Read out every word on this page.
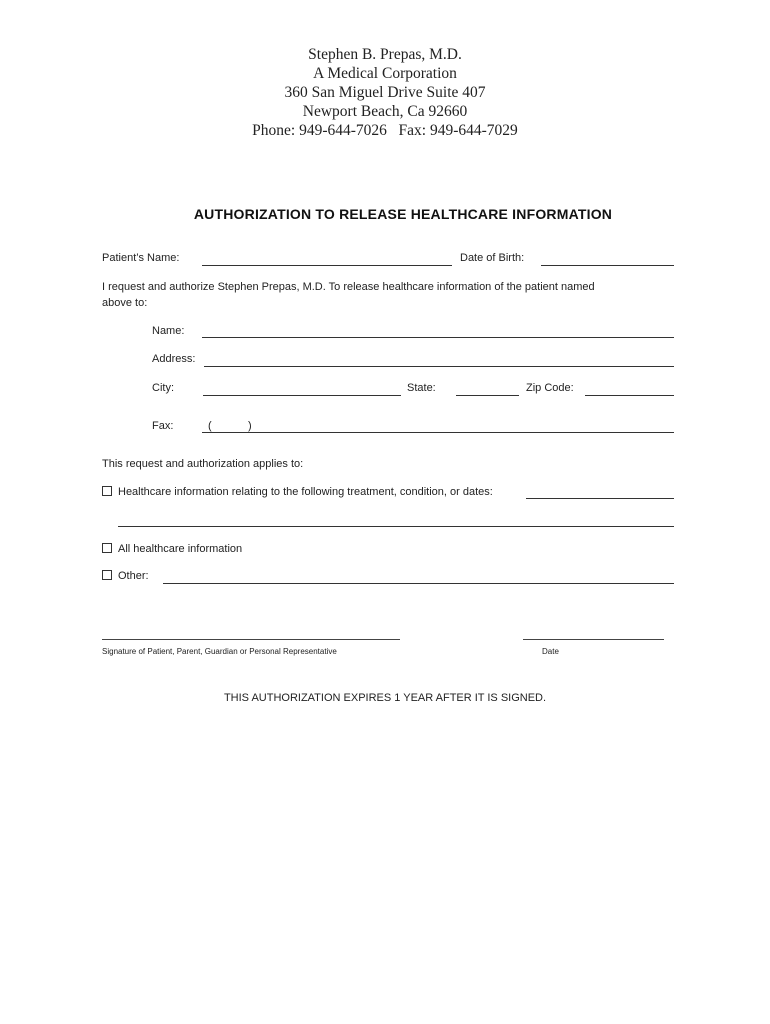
Stephen B. Prepas, M.D.
A Medical Corporation
360 San Miguel Drive Suite 407
Newport Beach, Ca 92660
Phone: 949-644-7026   Fax: 949-644-7029
AUTHORIZATION TO RELEASE HEALTHCARE INFORMATION
Patient’s Name:	Date of Birth:
I request and authorize Stephen Prepas, M.D. To release healthcare information of the patient named
above to:
Name:
Address:
City:	State:	Zip Code:
Fax:	(	)
This request and authorization applies to:
Healthcare information relating to the following treatment, condition, or dates:
All healthcare information
Other:
Signature of Patient, Parent, Guardian or Personal Representative	Date
THIS AUTHORIZATION EXPIRES 1 YEAR AFTER IT IS SIGNED.
